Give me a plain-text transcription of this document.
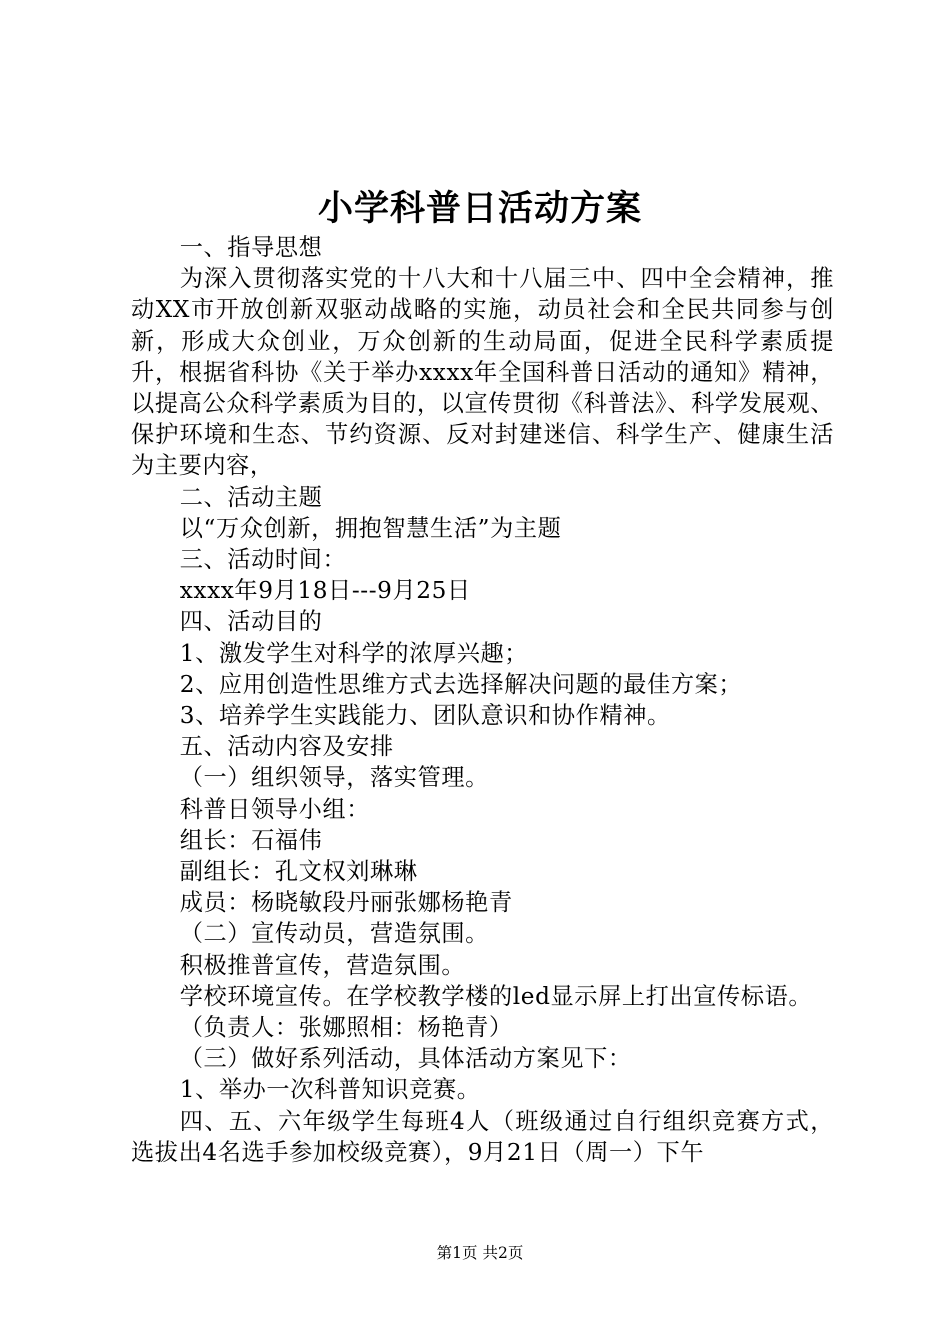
小学科普日活动方案

一、指导思想

为深入贯彻落实党的十八大和十八届三中、四中全会精神，推动XX市开放创新双驱动战略的实施，动员社会和全民共同参与创新，形成大众创业，万众创新的生动局面，促进全民科学素质提升，根据省科协《关于举办xxxx年全国科普日活动的通知》精神，以提高公众科学素质为目的，以宣传贯彻《科普法》、科学发展观、保护环境和生态、节约资源、反对封建迷信、科学生产、健康生活为主要内容，

二、活动主题

以“万众创新，拥抱智慧生活”为主题

三、活动时间：

xxxx年9月18日---9月25日

四、活动目的

1、激发学生对科学的浓厚兴趣；

2、应用创造性思维方式去选择解决问题的最佳方案；

3、培养学生实践能力、团队意识和协作精神。

五、活动内容及安排

（一）组织领导，落实管理。

科普日领导小组：

组长：石福伟

副组长：孔文权刘琳琳

成员：杨晓敏段丹丽张娜杨艳青

（二）宣传动员，营造氛围。

积极推普宣传，营造氛围。

学校环境宣传。在学校教学楼的led显示屏上打出宣传标语。

（负责人：张娜照相：杨艳青）

（三）做好系列活动，具体活动方案见下：

1、举办一次科普知识竞赛。

四、五、六年级学生每班4人（班级通过自行组织竞赛方式，选拔出4名选手参加校级竞赛），9月21日（周一）下午

第1页 共2页
